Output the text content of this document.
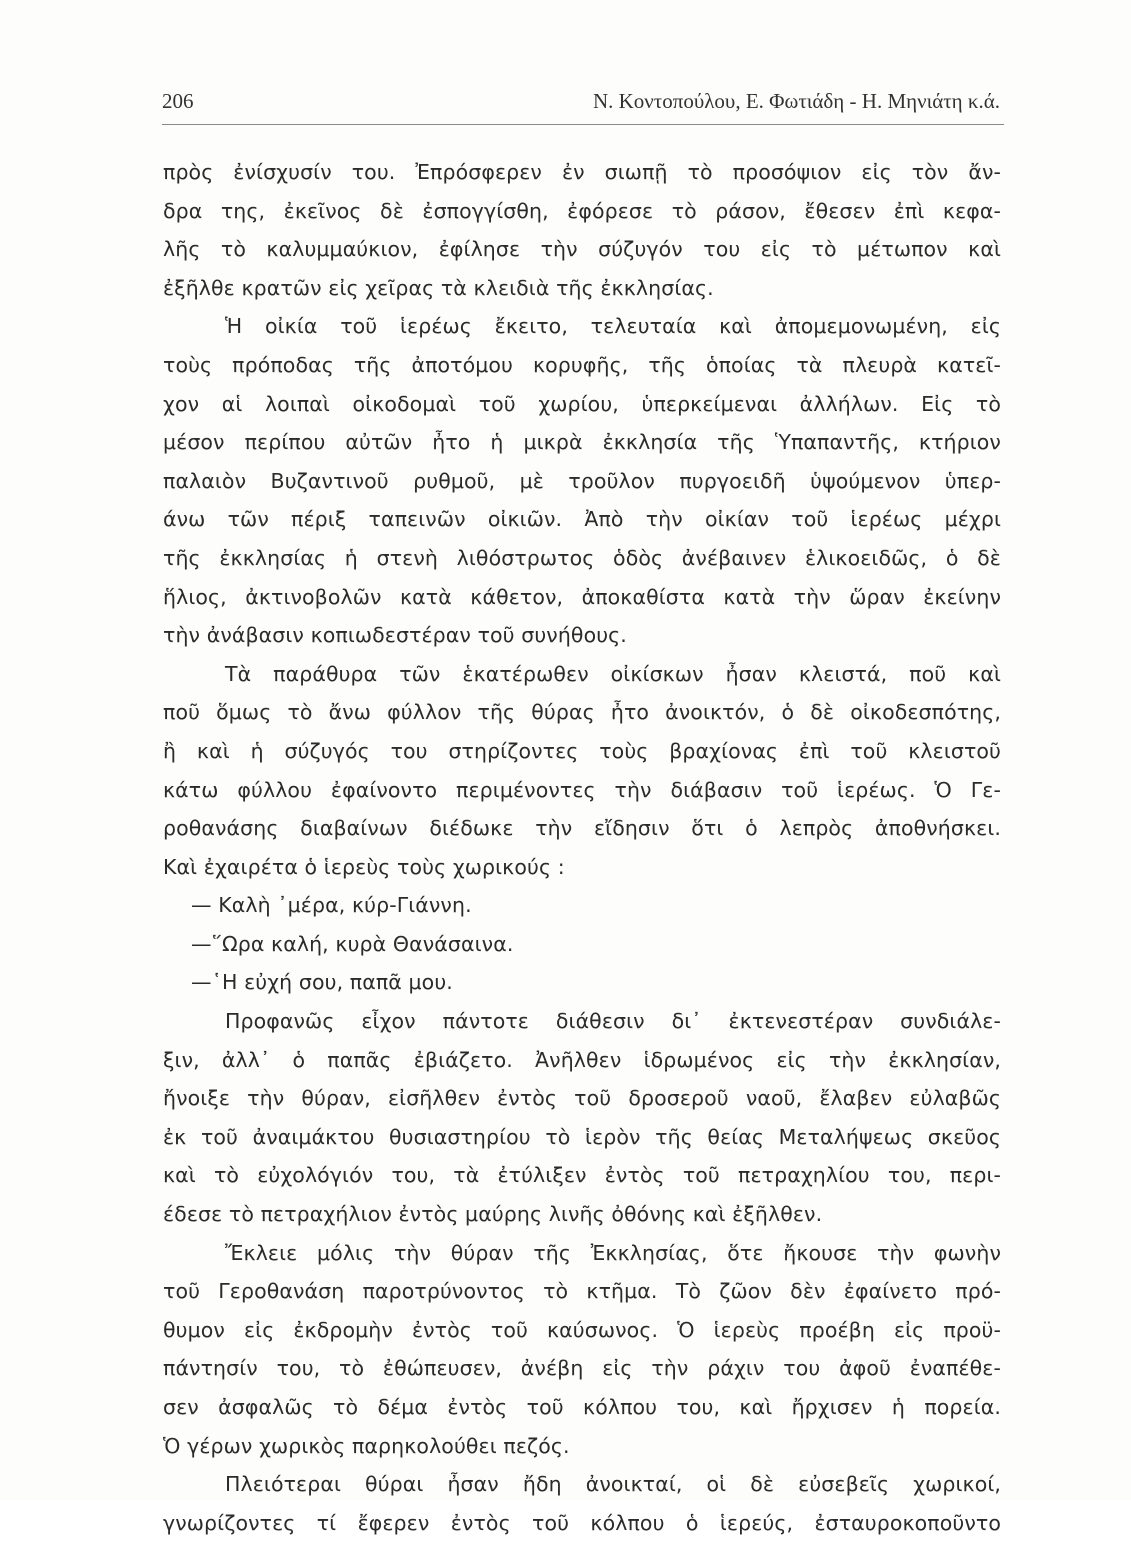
206	Ν. Κοντοπούλου, Ε. Φωτιάδη - Η. Μηνιάτη κ.ά.
πρὸς ἐνίσχυσίν του. Ἐπρόσφερεν ἐν σιωπῇ τὸ προσόψιον εἰς τὸν ἄν-
δρα της, ἐκεῖνος δὲ ἐσπογγίσθη, ἐφόρεσε τὸ ράσον, ἔθεσεν ἐπὶ κεφα-
λῆς τὸ καλυμμαύκιον, ἐφίλησε τὴν σύζυγόν του εἰς τὸ μέτωπον καὶ
ἐξῆλθε κρατῶν εἰς χεῖρας τὰ κλειδιὰ τῆς ἐκκλησίας.
Ἡ οἰκία τοῦ ἱερέως ἔκειτο, τελευταία καὶ ἀπομεμονωμένη, εἰς
τοὺς πρόποδας τῆς ἀποτόμου κορυφῆς, τῆς ὁποίας τὰ πλευρὰ κατεῖ-
χον αἱ λοιπαὶ οἰκοδομαὶ τοῦ χωρίου, ὑπερκείμεναι ἀλλήλων. Εἰς τὸ
μέσον περίπου αὐτῶν ἦτο ἡ μικρὰ ἐκκλησία τῆς Ὑπαπαντῆς, κτήριον
παλαιὸν Βυζαντινοῦ ρυθμοῦ, μὲ τροῦλον πυργοειδῆ ὑψούμενον ὑπερ-
άνω τῶν πέριξ ταπεινῶν οἰκιῶν. Ἀπὸ τὴν οἰκίαν τοῦ ἱερέως μέχρι
τῆς ἐκκλησίας ἡ στενὴ λιθόστρωτος ὁδὸς ἀνέβαινεν ἑλικοειδῶς, ὁ δὲ
ἥλιος, ἀκτινοβολῶν κατὰ κάθετον, ἀποκαθίστα κατὰ τὴν ὥραν ἐκείνην
τὴν ἀνάβασιν κοπιωδεστέραν τοῦ συνήθους.
Τὰ παράθυρα τῶν ἑκατέρωθεν οἰκίσκων ἦσαν κλειστά, ποῦ καὶ
ποῦ ὅμως τὸ ἄνω φύλλον τῆς θύρας ἦτο ἀνοικτόν, ὁ δὲ οἰκοδεσπότης,
ἢ καὶ ἡ σύζυγός του στηρίζοντες τοὺς βραχίονας ἐπὶ τοῦ κλειστοῦ
κάτω φύλλου ἐφαίνοντο περιμένοντες τὴν διάβασιν τοῦ ἱερέως. Ὁ Γε-
ροθανάσης διαβαίνων διέδωκε τὴν εἴδησιν ὅτι ὁ λεπρὸς ἀποθνήσκει.
Καὶ ἐχαιρέτα ὁ ἱερεὺς τοὺς χωρικούς :
— Καλὴ ᾿μέρα, κύρ-Γιάννη.
—῞Ωρα καλή, κυρὰ Θανάσαινα.
—῾Η εὐχή σου, παπᾶ μου.
Προφανῶς εἶχον πάντοτε διάθεσιν δι᾿ ἐκτενεστέραν συνδιάλε-
ξιν, ἀλλ᾿ ὁ παπᾶς ἐβιάζετο. Ἀνῆλθεν ἱδρωμένος εἰς τὴν ἐκκλησίαν,
ἤνοιξε τὴν θύραν, εἰσῆλθεν ἐντὸς τοῦ δροσεροῦ ναοῦ, ἔλαβεν εὐλαβῶς
ἐκ τοῦ ἀναιμάκτου θυσιαστηρίου τὸ ἱερὸν τῆς θείας Μεταλήψεως σκεῦος
καὶ τὸ εὐχολόγιόν του, τὰ ἐτύλιξεν ἐντὸς τοῦ πετραχηλίου του, περι-
έδεσε τὸ πετραχήλιον ἐντὸς μαύρης λινῆς ὀθόνης καὶ ἐξῆλθεν.
Ἔκλειε μόλις τὴν θύραν τῆς Ἐκκλησίας, ὅτε ἤκουσε τὴν φωνὴν
τοῦ Γεροθανάση παροτρύνοντος τὸ κτῆμα. Τὸ ζῶον δὲν ἐφαίνετο πρό-
θυμον εἰς ἐκδρομὴν ἐντὸς τοῦ καύσωνος. Ὁ ἱερεὺς προέβη εἰς προϋ-
πάντησίν του, τὸ ἐθώπευσεν, ἀνέβη εἰς τὴν ράχιν του ἀφοῦ ἐναπέθε-
σεν ἀσφαλῶς τὸ δέμα ἐντὸς τοῦ κόλπου του, καὶ ἤρχισεν ἡ πορεία.
Ὁ γέρων χωρικὸς παρηκολούθει πεζός.
Πλειότεραι θύραι ἦσαν ἤδη ἀνοικταί, οἱ δὲ εὐσεβεῖς χωρικοί,
γνωρίζοντες τί ἔφερεν ἐντὸς τοῦ κόλπου ὁ ἱερεύς, ἐσταυροκοποῦντο
